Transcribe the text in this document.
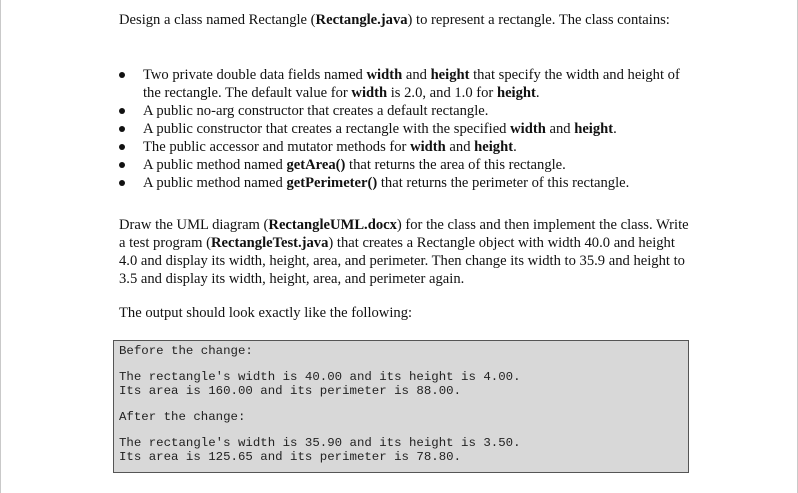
Design a class named Rectangle (Rectangle.java) to represent a rectangle. The class contains:

Two private double data fields named width and height that specify the width and height of the rectangle. The default value for width is 2.0, and 1.0 for height.
A public no-arg constructor that creates a default rectangle.
A public constructor that creates a rectangle with the specified width and height.
The public accessor and mutator methods for width and height.
A public method named getArea() that returns the area of this rectangle.
A public method named getPerimeter() that returns the perimeter of this rectangle.

Draw the UML diagram (RectangleUML.docx) for the class and then implement the class. Write a test program (RectangleTest.java) that creates a Rectangle object with width 40.0 and height 4.0 and display its width, height, area, and perimeter. Then change its width to 35.9 and height to 3.5 and display its width, height, area, and perimeter again.

The output should look exactly like the following:

Before the change:
The rectangle's width is 40.00 and its height is 4.00.
Its area is 160.00 and its perimeter is 88.00.
After the change:
The rectangle's width is 35.90 and its height is 3.50.
Its area is 125.65 and its perimeter is 78.80.
